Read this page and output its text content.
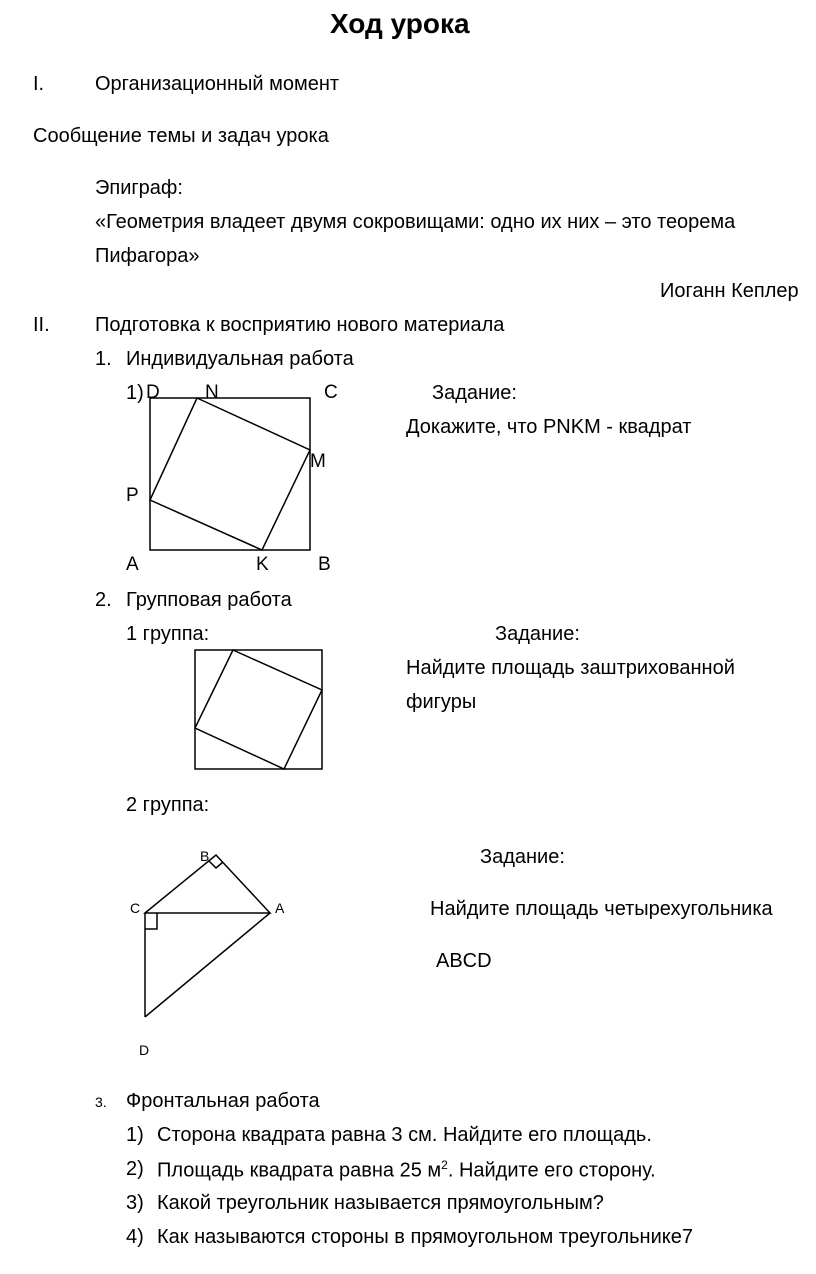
Ход урока
I.	Организационный момент
Сообщение темы и задач урока
Эпиграф:
«Геометрия владеет двумя сокровищами: одно их них – это теорема
Пифагора»
Иоганн Кеплер
II. Подготовка к восприятию нового материала
1. Индивидуальная работа
1) D N	C
M
P
A	K	B
Задание:
Докажите, что PNKM - квадрат
2. Групповая работа
1 группа:	Задание:
Найдите площадь заштрихованной
фигуры
2 группа:
B
C	A
D
Задание:
Найдите площадь четырехугольника
ABCD
3. Фронтальная работа
1) Сторона квадрата равна 3 см. Найдите его площадь.
2) Площадь квадрата равна 25 $м^2$. Найдите его сторону.
3) Какой треугольник называется прямоугольным?
4) Как называются стороны в прямоугольном треугольнике7
